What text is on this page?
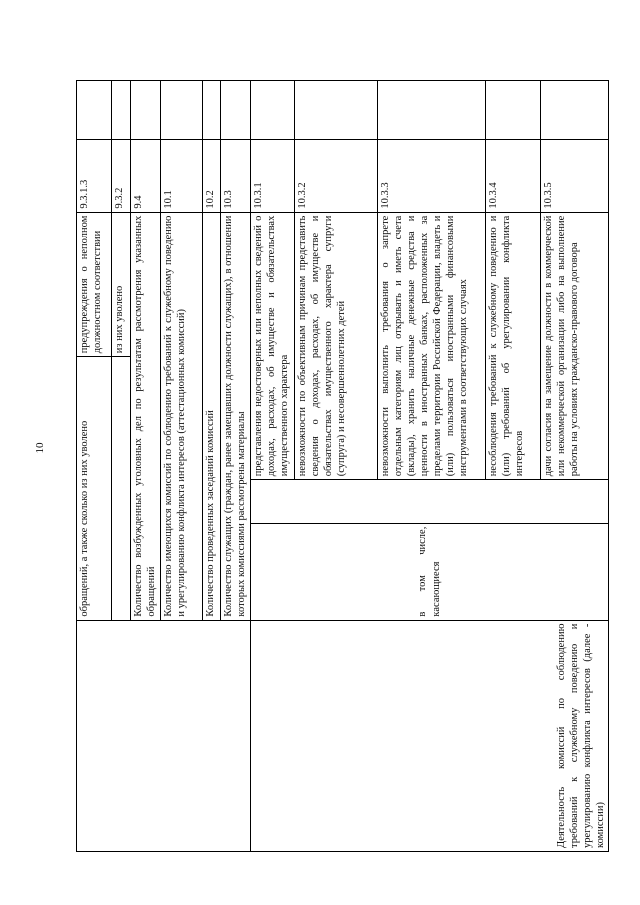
10
		обращений, а также сколько из них уволено			предупреждения о неполном должностном соответствии	9.3.1.3	
				из них уволено	9.3.2	
	Количество возбужденных уголовных дел по результатам рассмотрения указанных обращений				9.4	
	Количество имеющихся комиссий по соблюдению требований к служебному поведению и урегулированию конфликта интересов (аттестационных комиссий)				10.1	
	Количество проведенных заседаний комиссий				10.2	
	Количество служащих (граждан, ранее замещавших должности служащих), в отношении которых комиссиями рассмотрены материалы				10.3	
Деятельность комиссий по соблюдению требований к служебному поведению и урегулированию конфликта интересов (далее - комиссии)	в том числе, касающиеся		представления недостоверных или неполных сведений о доходах, расходах, об имуществе и обязательствах имущественного характера		10.3.1	
			невозможности по объективным причинам представить сведения о доходах, расходах, об имуществе и обязательствах имущественного характера супруги (супруга) и несовершеннолетних детей		10.3.2	
			невозможности выполнить требования о запрете отдельным категориям лиц открывать и иметь счета (вклады), хранить наличные денежные средства и ценности в иностранных банках, расположенных за пределами территории Российской Федерации, владеть и (или) пользоваться иностранными финансовыми инструментами в соответствующих случаях		10.3.3	
			несоблюдения требований к служебному поведению и (или) требований об урегулировании конфликта интересов		10.3.4	
			дачи согласия на замещение должности в коммерческой или некоммерческой организации либо на выполнение работы на условиях гражданско-правового договора		10.3.5	
